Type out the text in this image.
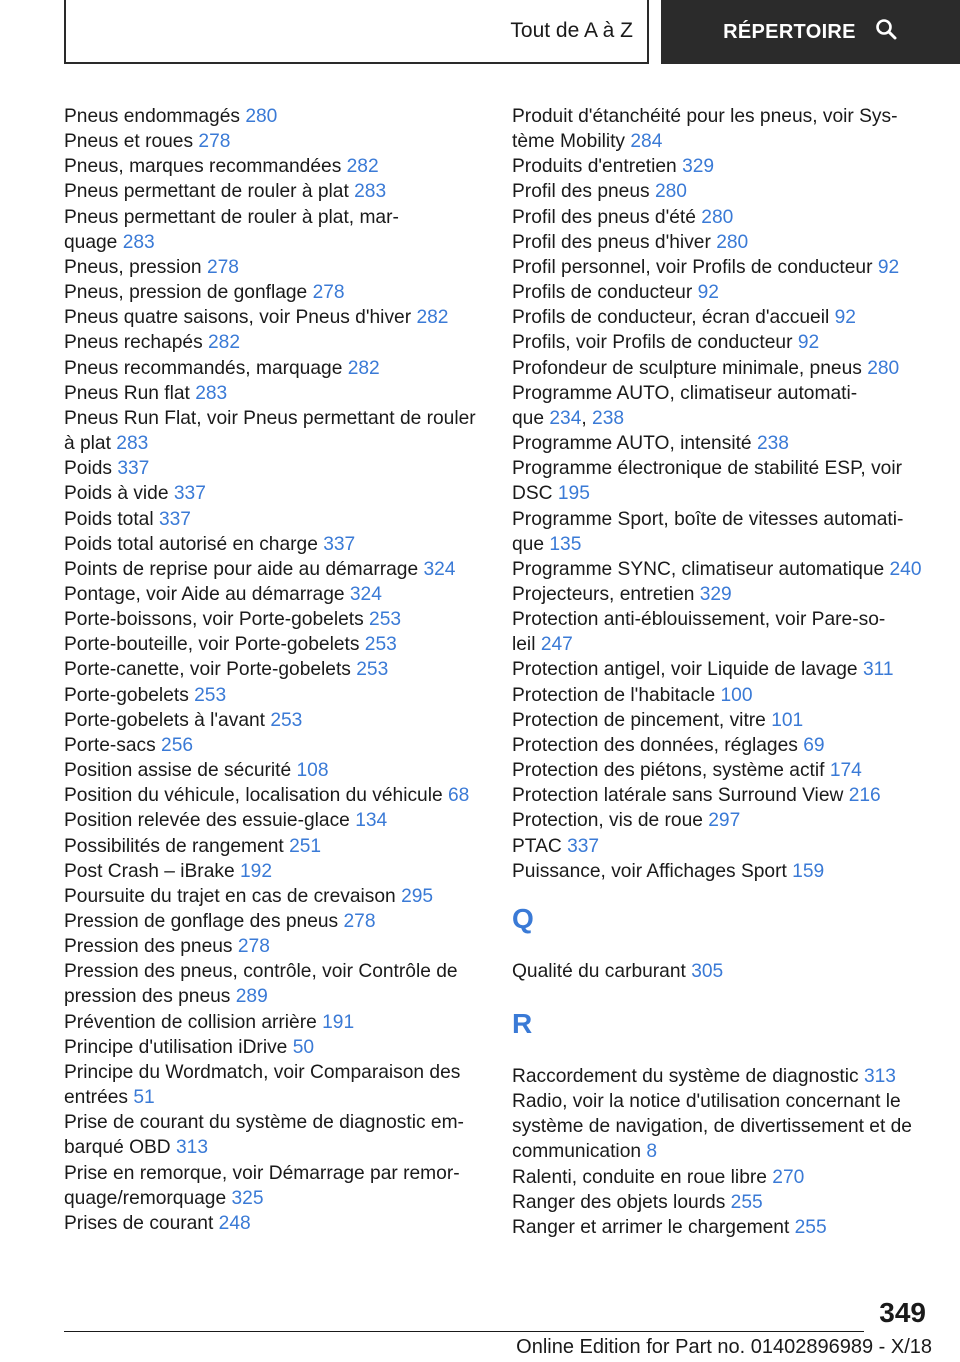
Tout de A à Z	RÉPERTOIRE
Pneus endommagés 280
Pneus et roues 278
Pneus, marques recommandées 282
Pneus permettant de rouler à plat 283
Pneus permettant de rouler à plat, mar-
quage 283
Pneus, pression 278
Pneus, pression de gonflage 278
Pneus quatre saisons, voir Pneus d'hiver 282
Pneus rechapés 282
Pneus recommandés, marquage 282
Pneus Run flat 283
Pneus Run Flat, voir Pneus permettant de rouler
à plat 283
Poids 337
Poids à vide 337
Poids total 337
Poids total autorisé en charge 337
Points de reprise pour aide au démarrage 324
Pontage, voir Aide au démarrage 324
Porte-boissons, voir Porte-gobelets 253
Porte-bouteille, voir Porte-gobelets 253
Porte-canette, voir Porte-gobelets 253
Porte-gobelets 253
Porte-gobelets à l'avant 253
Porte-sacs 256
Position assise de sécurité 108
Position du véhicule, localisation du véhicule 68
Position relevée des essuie-glace 134
Possibilités de rangement 251
Post Crash – iBrake 192
Poursuite du trajet en cas de crevaison 295
Pression de gonflage des pneus 278
Pression des pneus 278
Pression des pneus, contrôle, voir Contrôle de
pression des pneus 289
Prévention de collision arrière 191
Principe d'utilisation iDrive 50
Principe du Wordmatch, voir Comparaison des
entrées 51
Prise de courant du système de diagnostic em-
barqué OBD 313
Prise en remorque, voir Démarrage par remor-
quage/remorquage 325
Prises de courant 248
Produit d'étanchéité pour les pneus, voir Sys-
tème Mobility 284
Produits d'entretien 329
Profil des pneus 280
Profil des pneus d'été 280
Profil des pneus d'hiver 280
Profil personnel, voir Profils de conducteur 92
Profils de conducteur 92
Profils de conducteur, écran d'accueil 92
Profils, voir Profils de conducteur 92
Profondeur de sculpture minimale, pneus 280
Programme AUTO, climatiseur automati-
que 234, 238
Programme AUTO, intensité 238
Programme électronique de stabilité ESP, voir
DSC 195
Programme Sport, boîte de vitesses automati-
que 135
Programme SYNC, climatiseur automatique 240
Projecteurs, entretien 329
Protection anti-éblouissement, voir Pare-so-
leil 247
Protection antigel, voir Liquide de lavage 311
Protection de l'habitacle 100
Protection de pincement, vitre 101
Protection des données, réglages 69
Protection des piétons, système actif 174
Protection latérale sans Surround View 216
Protection, vis de roue 297
PTAC 337
Puissance, voir Affichages Sport 159
Q
Qualité du carburant 305
R
Raccordement du système de diagnostic 313
Radio, voir la notice d'utilisation concernant le
système de navigation, de divertissement et de
communication 8
Ralenti, conduite en roue libre 270
Ranger des objets lourds 255
Ranger et arrimer le chargement 255
349
Online Edition for Part no. 01402896989 - X/18
